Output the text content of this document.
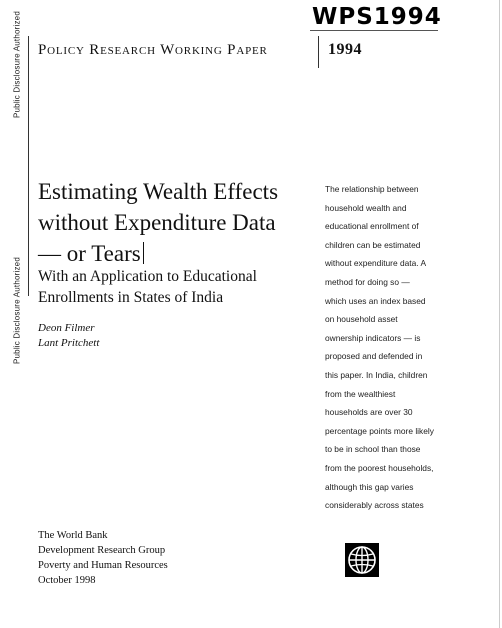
Public Disclosure Authorized
Public Disclosure Authorized
WPS1994
Policy Research Working Paper	1994
Estimating Wealth Effects
without Expenditure Data
— or Tears
With an Application to Educational
Enrollments in States of India
Deon Filmer
Lant Pritchett
The relationship between
household wealth and
educational enrollment of
children can be estimated
without expenditure data. A
method for doing so —
which uses an index based
on household asset
ownership indicators — is
proposed and defended in
this paper. In India, children
from the wealthiest
households are over 30
percentage points more likely
to be in school than those
from the poorest households,
although this gap varies
considerably across states
The World Bank
Development Research Group
Poverty and Human Resources
October 1998
